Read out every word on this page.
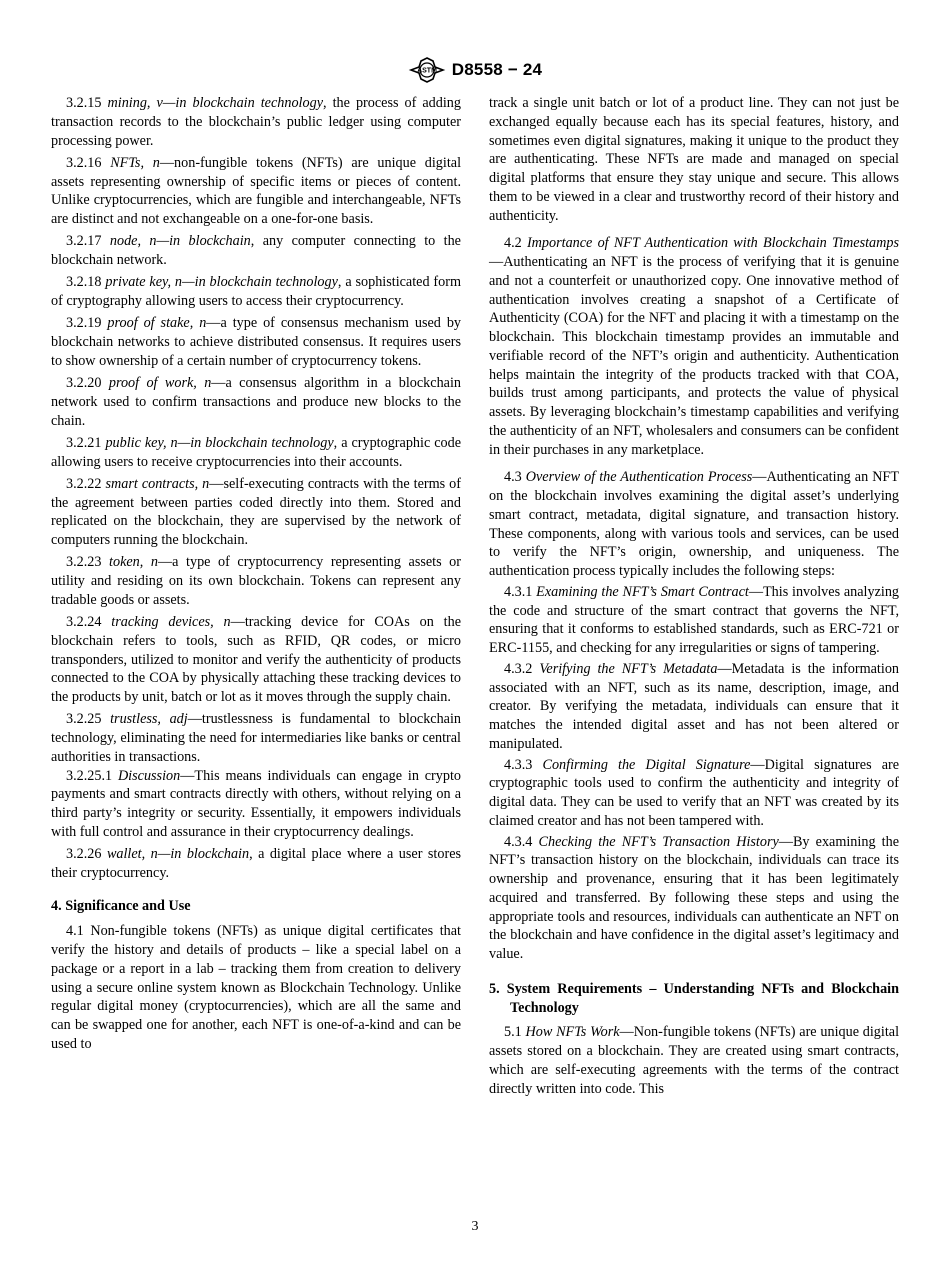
ASTM D8558 − 24

3.2.15 mining, v—in blockchain technology, the process of adding transaction records to the blockchain’s public ledger using computer processing power.

3.2.16 NFTs, n—non-fungible tokens (NFTs) are unique digital assets representing ownership of specific items or pieces of content. Unlike cryptocurrencies, which are fungible and interchangeable, NFTs are distinct and not exchangeable on a one-for-one basis.

3.2.17 node, n—in blockchain, any computer connecting to the blockchain network.

3.2.18 private key, n—in blockchain technology, a sophisticated form of cryptography allowing users to access their cryptocurrency.

3.2.19 proof of stake, n—a type of consensus mechanism used by blockchain networks to achieve distributed consensus. It requires users to show ownership of a certain number of cryptocurrency tokens.

3.2.20 proof of work, n—a consensus algorithm in a blockchain network used to confirm transactions and produce new blocks to the chain.

3.2.21 public key, n—in blockchain technology, a cryptographic code allowing users to receive cryptocurrencies into their accounts.

3.2.22 smart contracts, n—self-executing contracts with the terms of the agreement between parties coded directly into them. Stored and replicated on the blockchain, they are supervised by the network of computers running the blockchain.

3.2.23 token, n—a type of cryptocurrency representing assets or utility and residing on its own blockchain. Tokens can represent any tradable goods or assets.

3.2.24 tracking devices, n—tracking device for COAs on the blockchain refers to tools, such as RFID, QR codes, or micro transponders, utilized to monitor and verify the authenticity of products connected to the COA by physically attaching these tracking devices to the products by unit, batch or lot as it moves through the supply chain.

3.2.25 trustless, adj—trustlessness is fundamental to blockchain technology, eliminating the need for intermediaries like banks or central authorities in transactions.

3.2.25.1 Discussion—This means individuals can engage in crypto payments and smart contracts directly with others, without relying on a third party’s integrity or security. Essentially, it empowers individuals with full control and assurance in their cryptocurrency dealings.

3.2.26 wallet, n—in blockchain, a digital place where a user stores their cryptocurrency.

4. Significance and Use

4.1 Non-fungible tokens (NFTs) as unique digital certificates that verify the history and details of products – like a special label on a package or a report in a lab – tracking them from creation to delivery using a secure online system known as Blockchain Technology. Unlike regular digital money (cryptocurrencies), which are all the same and can be swapped one for another, each NFT is one-of-a-kind and can be used to

track a single unit batch or lot of a product line. They can not just be exchanged equally because each has its special features, history, and sometimes even digital signatures, making it unique to the product they are authenticating. These NFTs are made and managed on special digital platforms that ensure they stay unique and secure. This allows them to be viewed in a clear and trustworthy record of their history and authenticity.

4.2 Importance of NFT Authentication with Blockchain Timestamps—Authenticating an NFT is the process of verifying that it is genuine and not a counterfeit or unauthorized copy. One innovative method of authentication involves creating a snapshot of a Certificate of Authenticity (COA) for the NFT and placing it with a timestamp on the blockchain. This blockchain timestamp provides an immutable and verifiable record of the NFT’s origin and authenticity. Authentication helps maintain the integrity of the products tracked with that COA, builds trust among participants, and protects the value of physical assets. By leveraging blockchain’s timestamp capabilities and verifying the authenticity of an NFT, wholesalers and consumers can be confident in their purchases in any marketplace.

4.3 Overview of the Authentication Process—Authenticating an NFT on the blockchain involves examining the digital asset’s underlying smart contract, metadata, digital signature, and transaction history. These components, along with various tools and services, can be used to verify the NFT’s origin, ownership, and uniqueness. The authentication process typically includes the following steps:

4.3.1 Examining the NFT’s Smart Contract—This involves analyzing the code and structure of the smart contract that governs the NFT, ensuring that it conforms to established standards, such as ERC-721 or ERC-1155, and checking for any irregularities or signs of tampering.

4.3.2 Verifying the NFT’s Metadata—Metadata is the information associated with an NFT, such as its name, description, image, and creator. By verifying the metadata, individuals can ensure that it matches the intended digital asset and has not been altered or manipulated.

4.3.3 Confirming the Digital Signature—Digital signatures are cryptographic tools used to confirm the authenticity and integrity of digital data. They can be used to verify that an NFT was created by its claimed creator and has not been tampered with.

4.3.4 Checking the NFT’s Transaction History—By examining the NFT’s transaction history on the blockchain, individuals can trace its ownership and provenance, ensuring that it has been legitimately acquired and transferred. By following these steps and using the appropriate tools and resources, individuals can authenticate an NFT on the blockchain and have confidence in the digital asset’s legitimacy and value.

5. System Requirements – Understanding NFTs and Blockchain Technology

5.1 How NFTs Work—Non-fungible tokens (NFTs) are unique digital assets stored on a blockchain. They are created using smart contracts, which are self-executing agreements with the terms of the contract directly written into code. This

3
